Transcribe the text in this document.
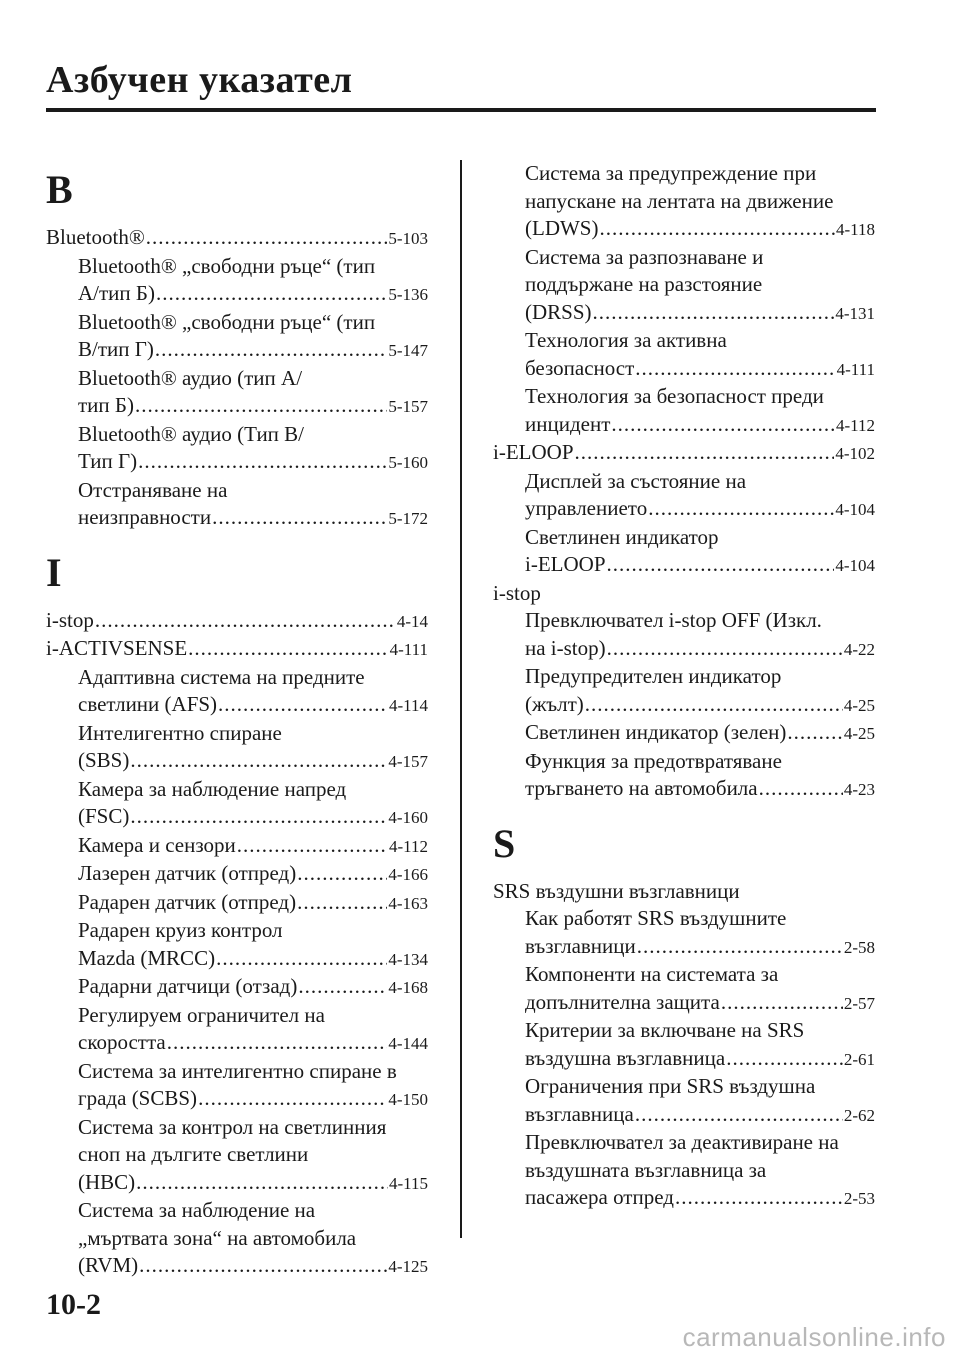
Азбучен указател
B
Bluetooth® .....	5-103
Bluetooth® „свободни ръце“ (тип
А/тип Б) .....	5-136
Bluetooth® „свободни ръце“ (тип
В/тип Г) .....	5-147
Bluetooth® аудио (тип А/
тип Б) .....	5-157
Bluetooth® аудио (Тип В/
Тип Г) .....	5-160
Отстраняване на
неизправности .....	5-172
I
i-stop .....	4-14
i-ACTIVSENSE .....	4-111
Адаптивна система на предните
светлини (AFS) .....	4-114
Интелигентно спиране
(SBS) .....	4-157
Камера за наблюдение напред
(FSC) .....	4-160
Камера и сензори .....	4-112
Лазерен датчик (отпред) .....	4-166
Радарен датчик (отпред) .....	4-163
Радарен круиз контрол
Mazda (MRCC) .....	4-134
Радарни датчици (отзад) .....	4-168
Регулируем ограничител на
скоростта .....	4-144
Система за интелигентно спиране в
града (SCBS) .....	4-150
Система за контрол на светлинния
сноп на дългите светлини
(HBC) .....	4-115
Система за наблюдение на
„мъртвата зона“ на автомобила
(RVM) .....	4-125
Система за предупреждение при
напускане на лентата на движение
(LDWS) .....	4-118
Система за разпознаване и
поддържане на разстояние
(DRSS) .....	4-131
Технология за активна
безопасност .....	4-111
Технология за безопасност преди
инцидент .....	4-112
i-ELOOP .....	4-102
Дисплей за състояние на
управлението .....	4-104
Светлинен индикатор
i-ELOOP .....	4-104
i-stop
Превключвател i-stop OFF (Изкл.
на i-stop) .....	4-22
Предупредителен индикатор
(жълт) .....	4-25
Светлинен индикатор (зелен) .....	4-25
Функция за предотвратяване
тръгването на автомобила .....	4-23
S
SRS въздушни възглавници
Как работят SRS въздушните
възглавници .....	2-58
Компоненти на системата за
допълнителна защита .....	2-57
Критерии за включване на SRS
въздушна възглавница .....	2-61
Ограничения при SRS въздушна
възглавница .....	2-62
Превключвател за деактивиране на
въздушната възглавница за
пасажера отпред .....	2-53
10-2
carmanualsonline.info
